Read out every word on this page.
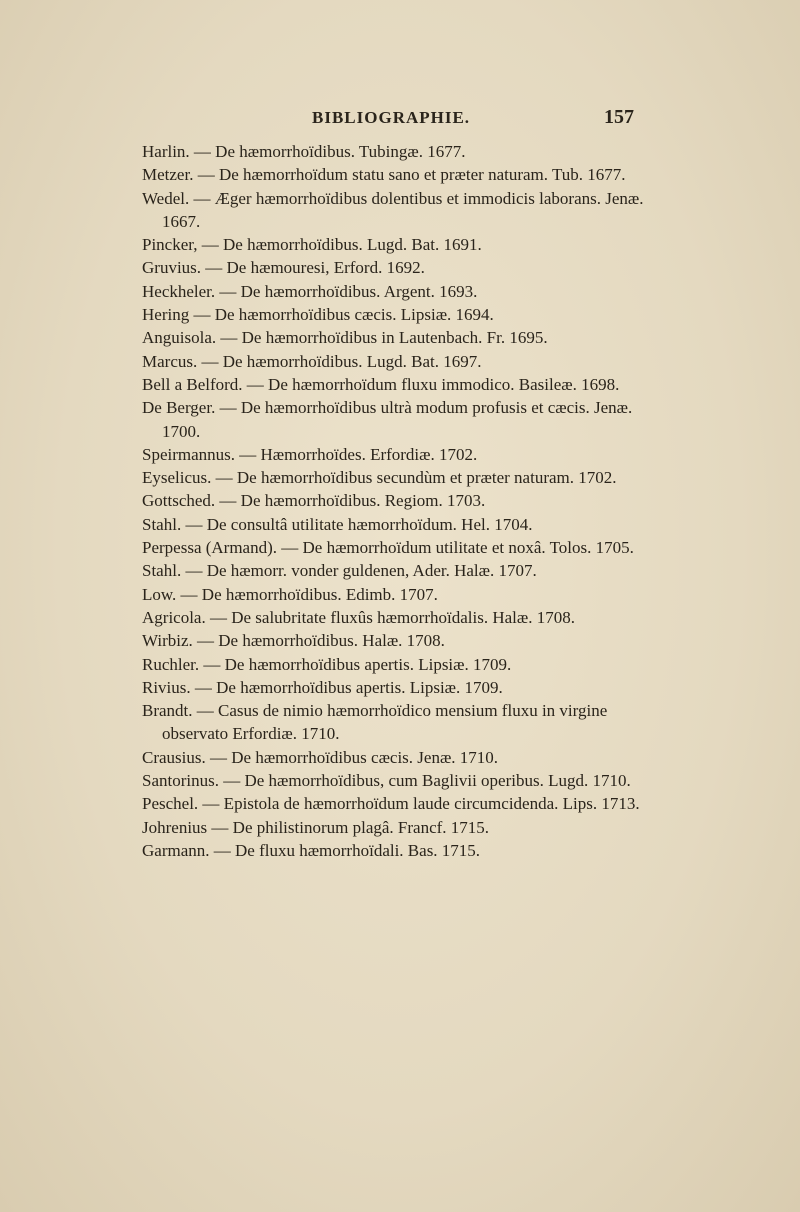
BIBLIOGRAPHIE.	157
Harlin. — De hæmorrhoïdibus. Tubingæ. 1677.
Metzer. — De hæmorrhoïdum statu sano et præter naturam. Tub. 1677.
Wedel. — Æger hæmorrhoïdibus dolentibus et immodicis laborans. Jenæ. 1667.
Pincker, — De hæmorrhoïdibus. Lugd. Bat. 1691.
Gruvius. — De hæmouresi, Erford. 1692.
Heckheler. — De hæmorrhoïdibus. Argent. 1693.
Hering — De hæmorrhoïdibus cæcis. Lipsiæ. 1694.
Anguisola. — De hæmorrhoïdibus in Lautenbach. Fr. 1695.
Marcus. — De hæmorrhoïdibus. Lugd. Bat. 1697.
Bell a Belford. — De hæmorrhoïdum fluxu immodico. Basileæ. 1698.
De Berger. — De hæmorrhoïdibus ultrà modum profusis et cæcis. Jenæ. 1700.
Speirmannus. — Hæmorrhoïdes. Erfordiæ. 1702.
Eyselicus. — De hæmorrhoïdibus secundùm et præter naturam. 1702.
Gottsched. — De hæmorrhoïdibus. Regiom. 1703.
Stahl. — De consultâ utilitate hæmorrhoïdum. Hel. 1704.
Perpessa (Armand). — De hæmorrhoïdum utilitate et noxâ. Tolos. 1705.
Stahl. — De hæmorr. vonder guldenen, Ader. Halæ. 1707.
Low. — De hæmorrhoïdibus. Edimb. 1707.
Agricola. — De salubritate fluxûs hæmorrhoïdalis. Halæ. 1708.
Wirbiz. — De hæmorrhoïdibus. Halæ. 1708.
Ruchler. — De hæmorrhoïdibus apertis. Lipsiæ. 1709.
Rivius. — De hæmorrhoïdibus apertis. Lipsiæ. 1709.
Brandt. — Casus de nimio hæmorrhoïdico mensium fluxu in virgine observato Erfordiæ. 1710.
Crausius. — De hæmorrhoïdibus cæcis. Jenæ. 1710.
Santorinus. — De hæmorrhoïdibus, cum Baglivii operibus. Lugd. 1710.
Peschel. — Epistola de hæmorrhoïdum laude circumcidenda. Lips. 1713.
Johrenius — De philistinorum plagâ. Francf. 1715.
Garmann. — De fluxu hæmorrhoïdali. Bas. 1715.
